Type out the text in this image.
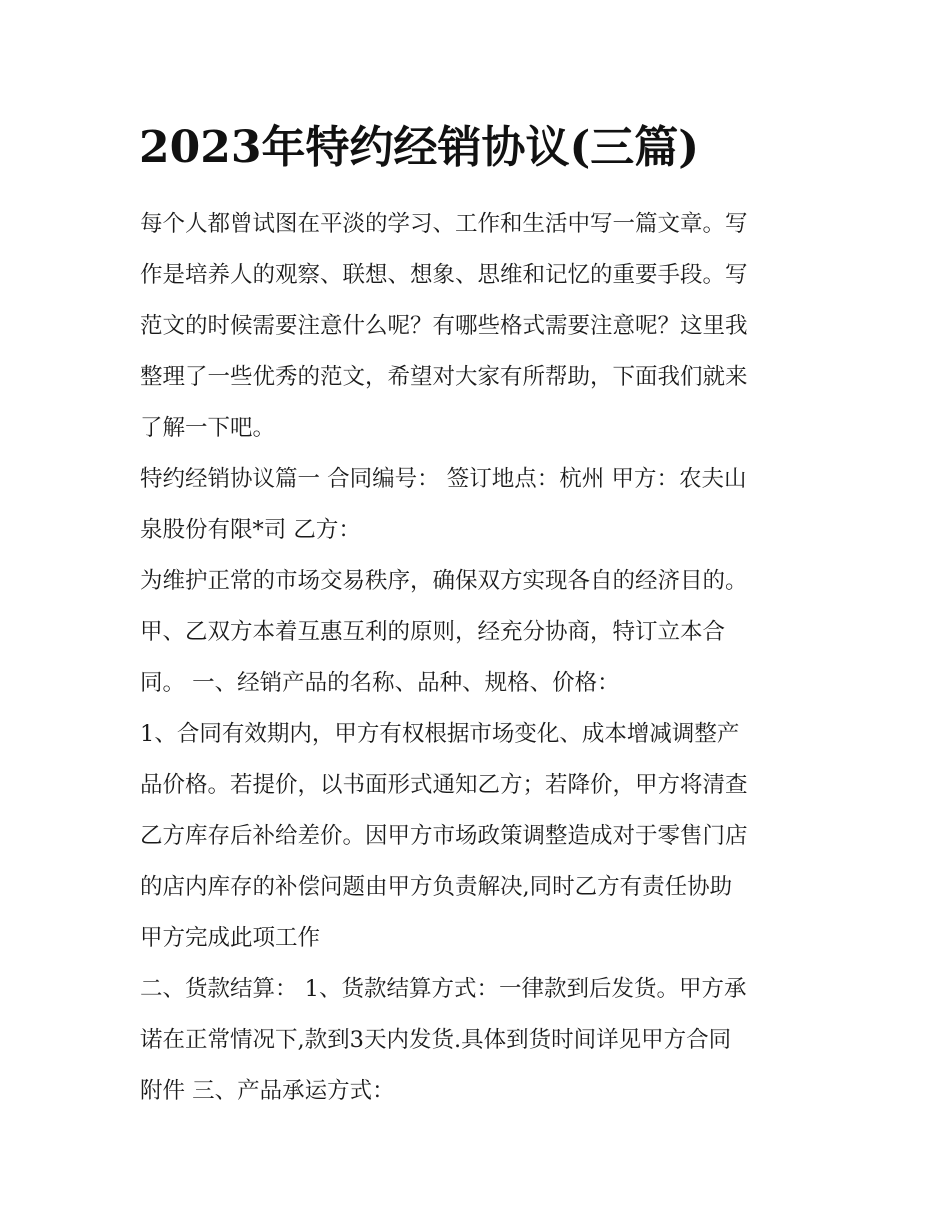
2023年特约经销协议(三篇)
每个人都曾试图在平淡的学习、工作和生活中写一篇文章。写
作是培养人的观察、联想、想象、思维和记忆的重要手段。写
范文的时候需要注意什么呢？有哪些格式需要注意呢？这里我
整理了一些优秀的范文，希望对大家有所帮助，下面我们就来
了解一下吧。
特约经销协议篇一 合同编号： 签订地点：杭州 甲方：农夫山
泉股份有限*司 乙方：
为维护正常的市场交易秩序，确保双方实现各自的经济目的。
甲、乙双方本着互惠互利的原则，经充分协商，特订立本合
同。 一、经销产品的名称、品种、规格、价格：
1、合同有效期内，甲方有权根据市场变化、成本增减调整产
品价格。若提价，以书面形式通知乙方；若降价，甲方将清查
乙方库存后补给差价。因甲方市场政策调整造成对于零售门店
的店内库存的补偿问题由甲方负责解决,同时乙方有责任协助
甲方完成此项工作
二、货款结算： 1、货款结算方式：一律款到后发货。甲方承
诺在正常情况下,款到3天内发货.具体到货时间详见甲方合同
附件 三、产品承运方式：
